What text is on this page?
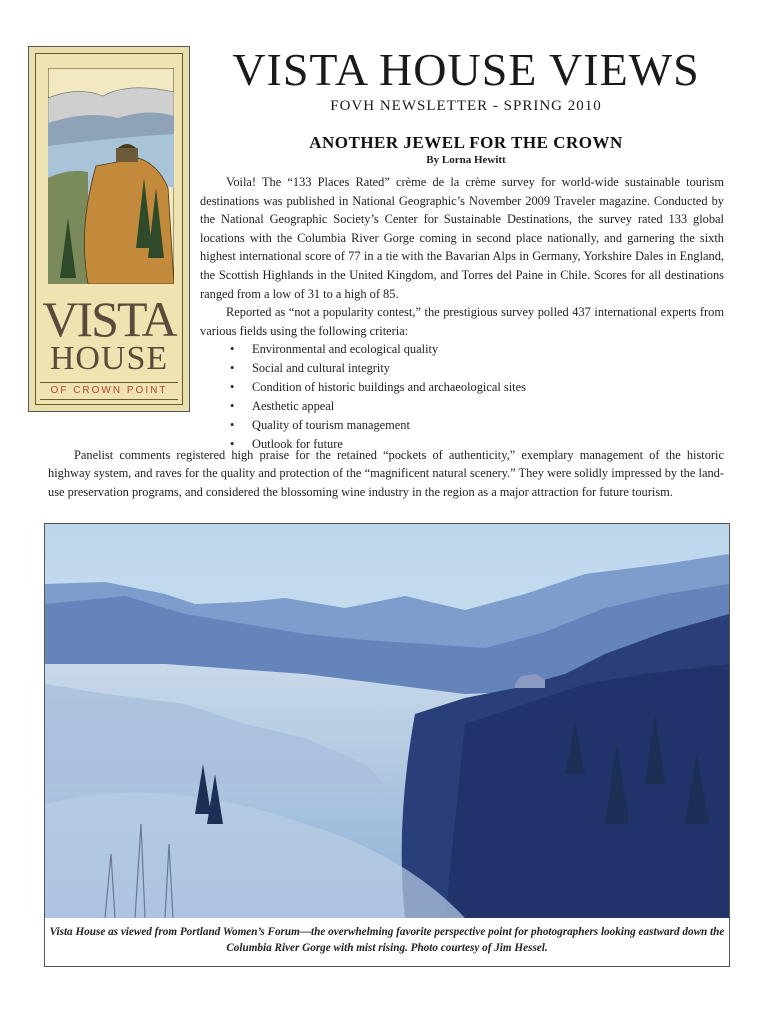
VISTA
HOUSE
OF CROWN POINT
VISTA HOUSE VIEWS
FOVH NEWSLETTER - SPRING 2010
ANOTHER JEWEL FOR THE CROWN
By Lorna Hewitt

Voila! The “133 Places Rated” crème de la crème survey for world-wide sustainable tourism destinations was published in National Geographic’s November 2009 Traveler magazine. Conducted by the National Geographic Society’s Center for Sustainable Destinations, the survey rated 133 global locations with the Columbia River Gorge coming in second place nationally, and garnering the sixth highest international score of 77 in a tie with the Bavarian Alps in Germany, Yorkshire Dales in England, the Scottish Highlands in the United Kingdom, and Torres del Paine in Chile. Scores for all destinations ranged from a low of 31 to a high of 85.

Reported as “not a popularity contest,” the prestigious survey polled 437 international experts from various fields using the following criteria:

• Environmental and ecological quality
• Social and cultural integrity
• Condition of historic buildings and archaeological sites
• Aesthetic appeal
• Quality of tourism management
• Outlook for future

Panelist comments registered high praise for the retained “pockets of authenticity,” exemplary management of the historic highway system, and raves for the quality and protection of the “magnificent natural scenery.” They were solidly impressed by the land-use preservation programs, and considered the blossoming wine industry in the region as a major attraction for future tourism.

Vista House as viewed from Portland Women’s Forum—the overwhelming favorite perspective point for photographers looking eastward down the Columbia River Gorge with mist rising. Photo courtesy of Jim Hessel.
